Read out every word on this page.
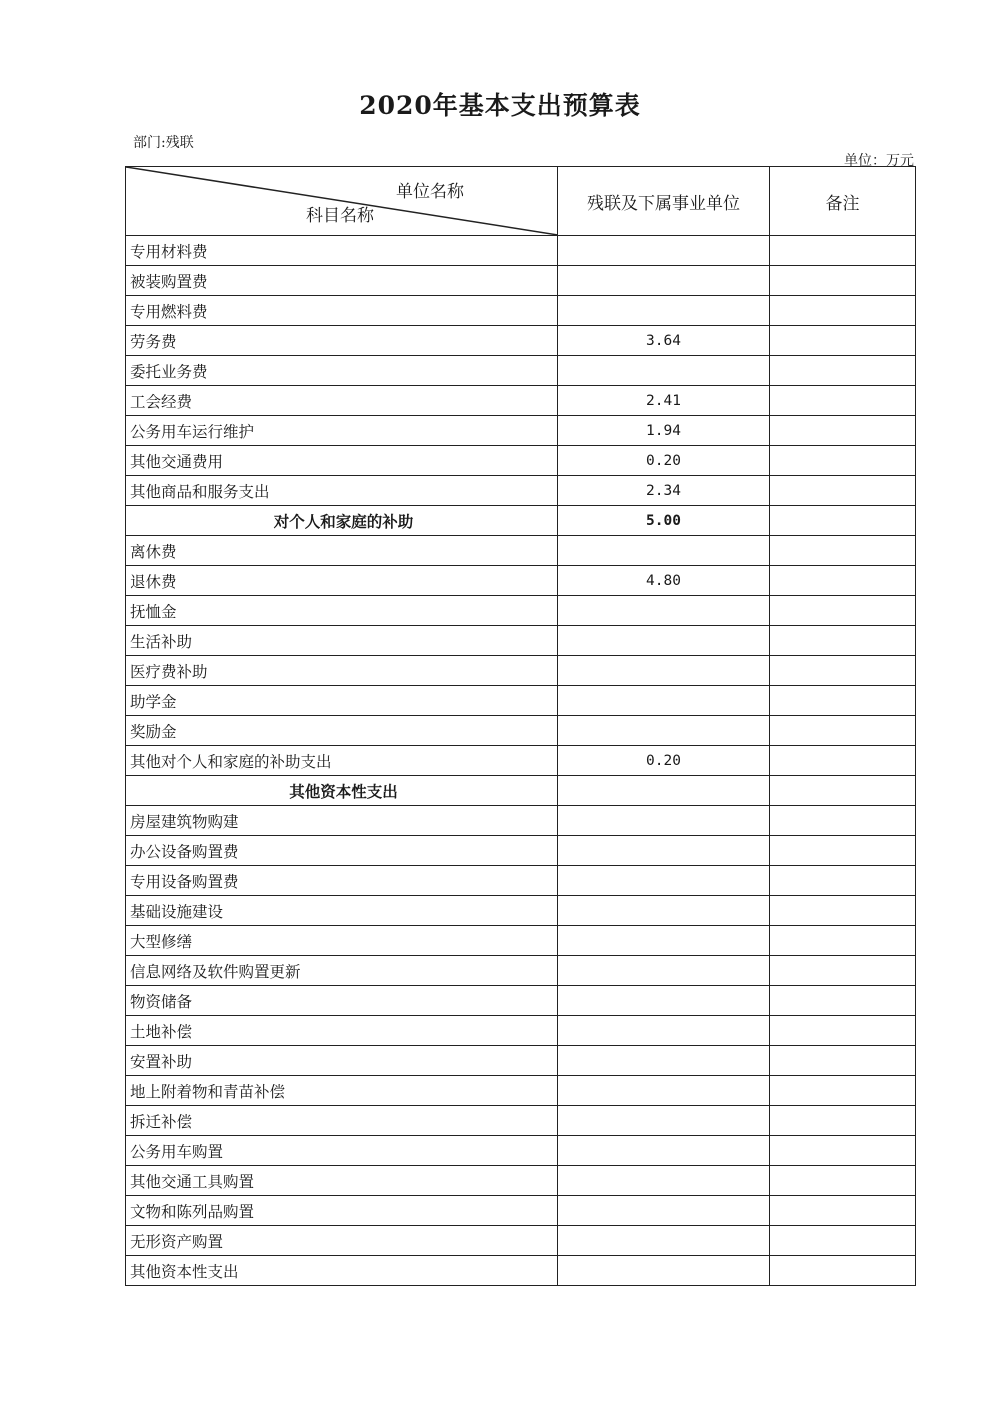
2020年基本支出预算表
部门:残联
单位：万元
单位名称
科目名称	残联及下属事业单位	备注
专用材料费		
被装购置费		
专用燃料费		
劳务费	3.64	
委托业务费		
工会经费	2.41	
公务用车运行维护	1.94	
其他交通费用	0.20	
其他商品和服务支出	2.34	
对个人和家庭的补助	5.00	
离休费		
退休费	4.80	
抚恤金		
生活补助		
医疗费补助		
助学金		
奖励金		
其他对个人和家庭的补助支出	0.20	
其他资本性支出		
房屋建筑物购建		
办公设备购置费		
专用设备购置费		
基础设施建设		
大型修缮		
信息网络及软件购置更新		
物资储备		
土地补偿		
安置补助		
地上附着物和青苗补偿		
拆迁补偿		
公务用车购置		
其他交通工具购置		
文物和陈列品购置		
无形资产购置		
其他资本性支出		
